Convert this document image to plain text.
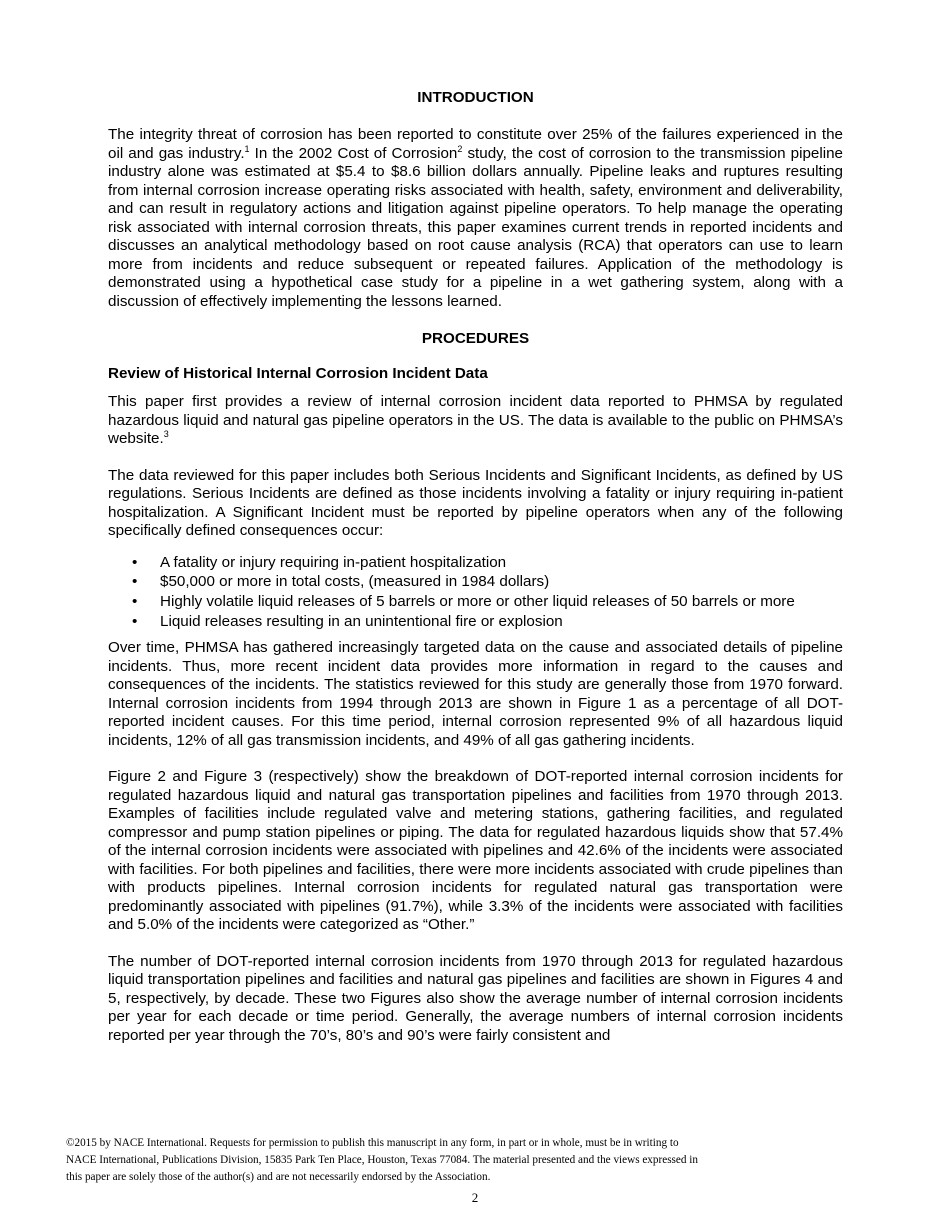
INTRODUCTION

The integrity threat of corrosion has been reported to constitute over 25% of the failures experienced in the oil and gas industry.$^1$ In the 2002 Cost of Corrosion$^2$ study, the cost of corrosion to the transmission pipeline industry alone was estimated at $5.4 to $8.6 billion dollars annually. Pipeline leaks and ruptures resulting from internal corrosion increase operating risks associated with health, safety, environment and deliverability, and can result in regulatory actions and litigation against pipeline operators. To help manage the operating risk associated with internal corrosion threats, this paper examines current trends in reported incidents and discusses an analytical methodology based on root cause analysis (RCA) that operators can use to learn more from incidents and reduce subsequent or repeated failures. Application of the methodology is demonstrated using a hypothetical case study for a pipeline in a wet gathering system, along with a discussion of effectively implementing the lessons learned.

PROCEDURES
Review of Historical Internal Corrosion Incident Data

This paper first provides a review of internal corrosion incident data reported to PHMSA by regulated hazardous liquid and natural gas pipeline operators in the US. The data is available to the public on PHMSA’s website.$^3$

The data reviewed for this paper includes both Serious Incidents and Significant Incidents, as defined by US regulations. Serious Incidents are defined as those incidents involving a fatality or injury requiring in-patient hospitalization. A Significant Incident must be reported by pipeline operators when any of the following specifically defined consequences occur:

• A fatality or injury requiring in-patient hospitalization
• $50,000 or more in total costs, (measured in 1984 dollars)
• Highly volatile liquid releases of 5 barrels or more or other liquid releases of 50 barrels or more
• Liquid releases resulting in an unintentional fire or explosion

Over time, PHMSA has gathered increasingly targeted data on the cause and associated details of pipeline incidents. Thus, more recent incident data provides more information in regard to the causes and consequences of the incidents. The statistics reviewed for this study are generally those from 1970 forward. Internal corrosion incidents from 1994 through 2013 are shown in Figure 1 as a percentage of all DOT-reported incident causes. For this time period, internal corrosion represented 9% of all hazardous liquid incidents, 12% of all gas transmission incidents, and 49% of all gas gathering incidents.

Figure 2 and Figure 3 (respectively) show the breakdown of DOT-reported internal corrosion incidents for regulated hazardous liquid and natural gas transportation pipelines and facilities from 1970 through 2013. Examples of facilities include regulated valve and metering stations, gathering facilities, and regulated compressor and pump station pipelines or piping. The data for regulated hazardous liquids show that 57.4% of the internal corrosion incidents were associated with pipelines and 42.6% of the incidents were associated with facilities. For both pipelines and facilities, there were more incidents associated with crude pipelines than with products pipelines. Internal corrosion incidents for regulated natural gas transportation were predominantly associated with pipelines (91.7%), while 3.3% of the incidents were associated with facilities and 5.0% of the incidents were categorized as “Other.”

The number of DOT-reported internal corrosion incidents from 1970 through 2013 for regulated hazardous liquid transportation pipelines and facilities and natural gas pipelines and facilities are shown in Figures 4 and 5, respectively, by decade. These two Figures also show the average number of internal corrosion incidents per year for each decade or time period. Generally, the average numbers of internal corrosion incidents reported per year through the 70’s, 80’s and 90’s were fairly consistent and

©2015 by NACE International. Requests for permission to publish this manuscript in any form, in part or in whole, must be in writing to
NACE International, Publications Division, 15835 Park Ten Place, Houston, Texas 77084. The material presented and the views expressed in
this paper are solely those of the author(s) and are not necessarily endorsed by the Association.
2
